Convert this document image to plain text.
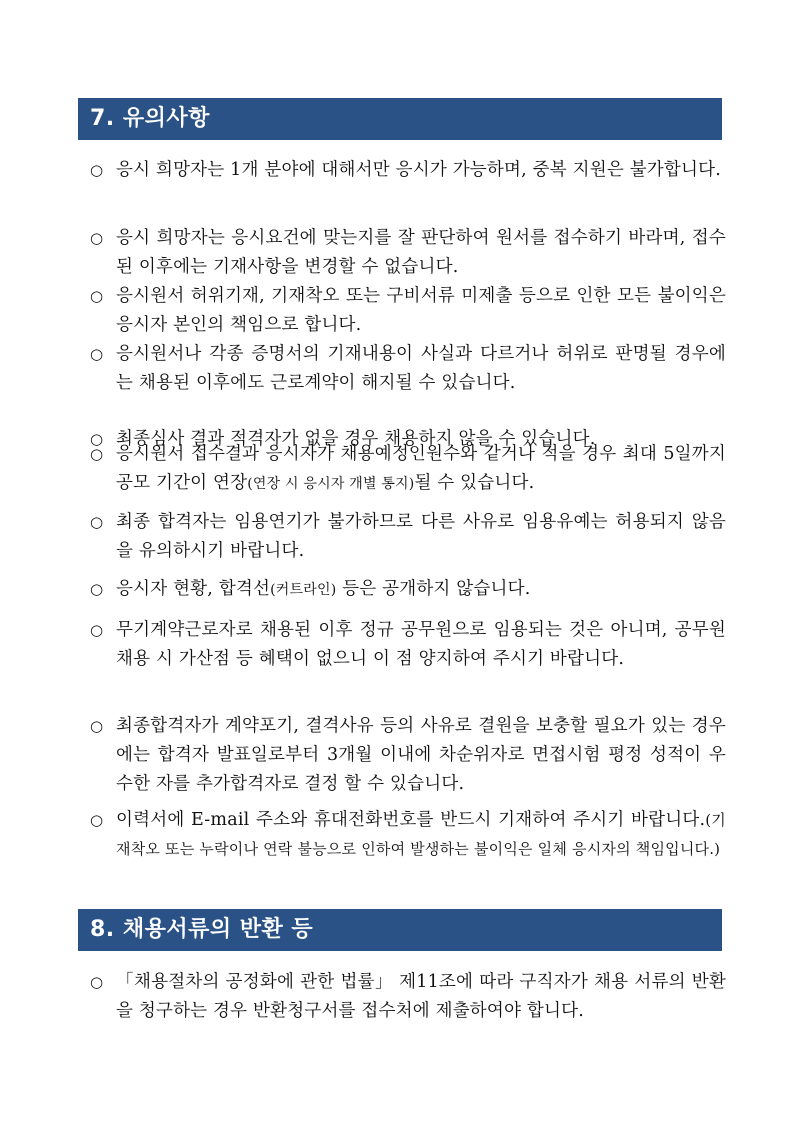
7. 유의사항
○ 응시 희망자는 1개 분야에 대해서만 응시가 가능하며, 중복 지원은 불가합니다.
○ 응시 희망자는 응시요건에 맞는지를 잘 판단하여 원서를 접수하기 바라며, 접수된 이후에는 기재사항을 변경할 수 없습니다.
○ 응시원서 허위기재, 기재착오 또는 구비서류 미제출 등으로 인한 모든 불이익은 응시자 본인의 책임으로 합니다.
○ 응시원서나 각종 증명서의 기재내용이 사실과 다르거나 허위로 판명될 경우에는 채용된 이후에도 근로계약이 해지될 수 있습니다.
○ 최종심사 결과 적격자가 없을 경우 채용하지 않을 수 있습니다.
○ 응시원서 접수결과 응시자가 채용예정인원수와 같거나 적을 경우 최대 5일까지 공모 기간이 연장(연장 시 응시자 개별 통지)될 수 있습니다.
○ 최종 합격자는 임용연기가 불가하므로 다른 사유로 임용유예는 허용되지 않음을 유의하시기 바랍니다.
○ 응시자 현황, 합격선(커트라인) 등은 공개하지 않습니다.
○ 무기계약근로자로 채용된 이후 정규 공무원으로 임용되는 것은 아니며, 공무원 채용 시 가산점 등 혜택이 없으니 이 점 양지하여 주시기 바랍니다.
○ 최종합격자가 계약포기, 결격사유 등의 사유로 결원을 보충할 필요가 있는 경우에는 합격자 발표일로부터 3개월 이내에 차순위자로 면접시험 평정 성적이 우수한 자를 추가합격자로 결정 할 수 있습니다.
○ 이력서에 E-mail 주소와 휴대전화번호를 반드시 기재하여 주시기 바랍니다.(기재착오 또는 누락이나 연락 불능으로 인하여 발생하는 불이익은 일체 응시자의 책임입니다.)
8. 채용서류의 반환 등
○ 「채용절차의 공정화에 관한 법률」 제11조에 따라 구직자가 채용 서류의 반환을 청구하는 경우 반환청구서를 접수처에 제출하여야 합니다.
